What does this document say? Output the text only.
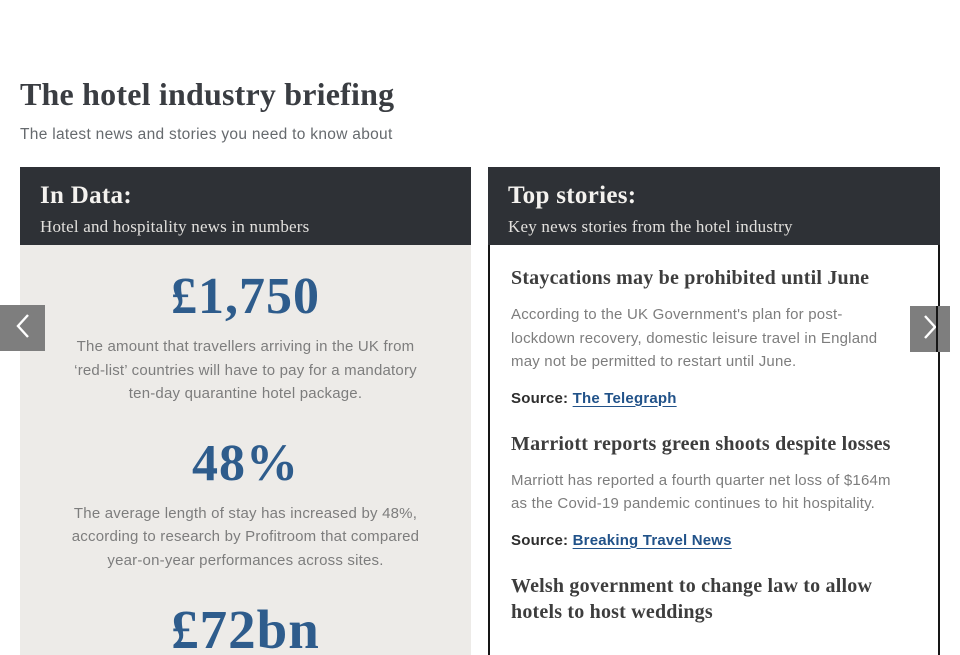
The hotel industry briefing
The latest news and stories you need to know about
In Data:
Hotel and hospitality news in numbers
£1,750

The amount that travellers arriving in the UK from ‘red-list’ countries will have to pay for a mandatory ten-day quarantine hotel package.

48%

The average length of stay has increased by 48%, according to research by Profitroom that compared year-on-year performances across sites.

£72bn
Top stories:
Key news stories from the hotel industry
Staycations may be prohibited until June

According to the UK Government's plan for post-lockdown recovery, domestic leisure travel in England may not be permitted to restart until June.

Source: The Telegraph

Marriott reports green shoots despite losses

Marriott has reported a fourth quarter net loss of $164m as the Covid-19 pandemic continues to hit hospitality.

Source: Breaking Travel News

Welsh government to change law to allow hotels to host weddings
